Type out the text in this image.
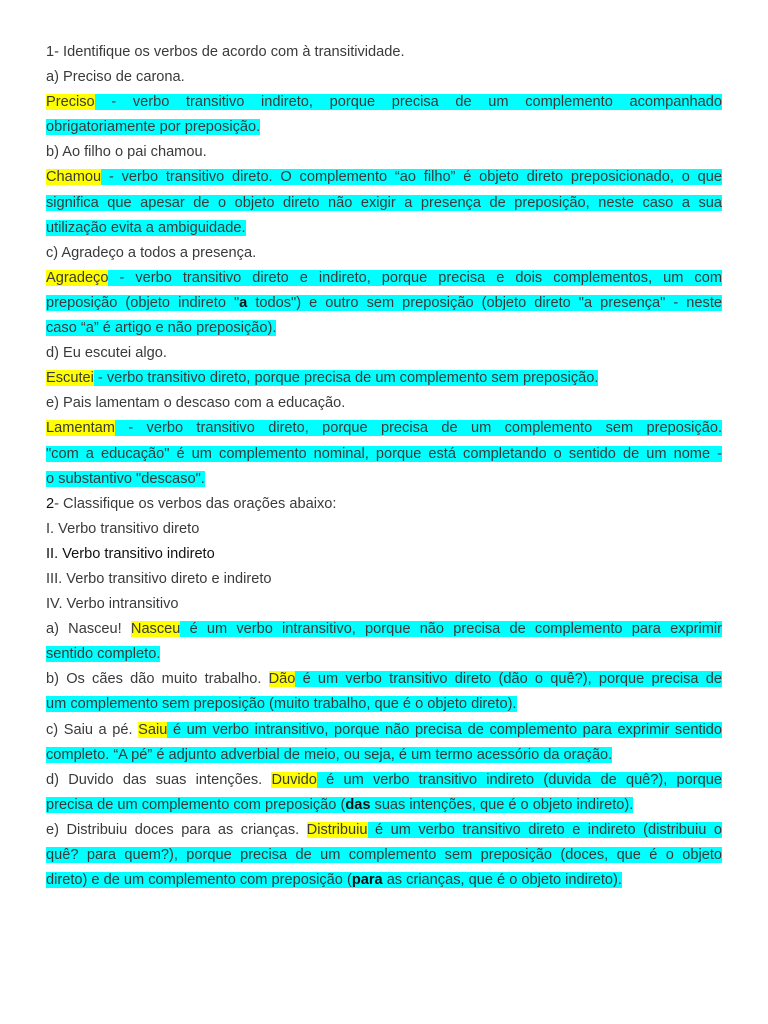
1- Identifique os verbos de acordo com à transitividade.
a) Preciso de carona.
Preciso - verbo transitivo indireto, porque precisa de um complemento acompanhado
obrigatoriamente por preposição.
b) Ao filho o pai chamou.
Chamou - verbo transitivo direto. O complemento “ao filho” é objeto direto preposicionado, o que
significa que apesar de o objeto direto não exigir a presença de preposição, neste caso a sua
utilização evita a ambiguidade.
c) Agradeço a todos a presença.
Agradeço - verbo transitivo direto e indireto, porque precisa e dois complementos, um com
preposição (objeto indireto "a todos") e outro sem preposição (objeto direto "a presença" - neste
caso “a” é artigo e não preposição).
d) Eu escutei algo.
Escutei - verbo transitivo direto, porque precisa de um complemento sem preposição.
e) Pais lamentam o descaso com a educação.
Lamentam - verbo transitivo direto, porque precisa de um complemento sem preposição.
"com a educação" é um complemento nominal, porque está completando o sentido de um nome -
o substantivo "descaso".
2- Classifique os verbos das orações abaixo:
I. Verbo transitivo direto
II. Verbo transitivo indireto
III. Verbo transitivo direto e indireto
IV. Verbo intransitivo
a) Nasceu! Nasceu é um verbo intransitivo, porque não precisa de complemento para exprimir
sentido completo.
b) Os cães dão muito trabalho. Dão é um verbo transitivo direto (dão o quê?), porque precisa de
um complemento sem preposição (muito trabalho, que é o objeto direto).
c) Saiu a pé. Saiu é um verbo intransitivo, porque não precisa de complemento para exprimir sentido
completo. “A pé” é adjunto adverbial de meio, ou seja, é um termo acessório da oração.
d) Duvido das suas intenções. Duvido é um verbo transitivo indireto (duvida de quê?), porque
precisa de um complemento com preposição (das suas intenções, que é o objeto indireto).
e) Distribuiu doces para as crianças. Distribuiu é um verbo transitivo direto e indireto (distribuiu o
quê? para quem?), porque precisa de um complemento sem preposição (doces, que é o objeto
direto) e de um complemento com preposição (para as crianças, que é o objeto indireto).
